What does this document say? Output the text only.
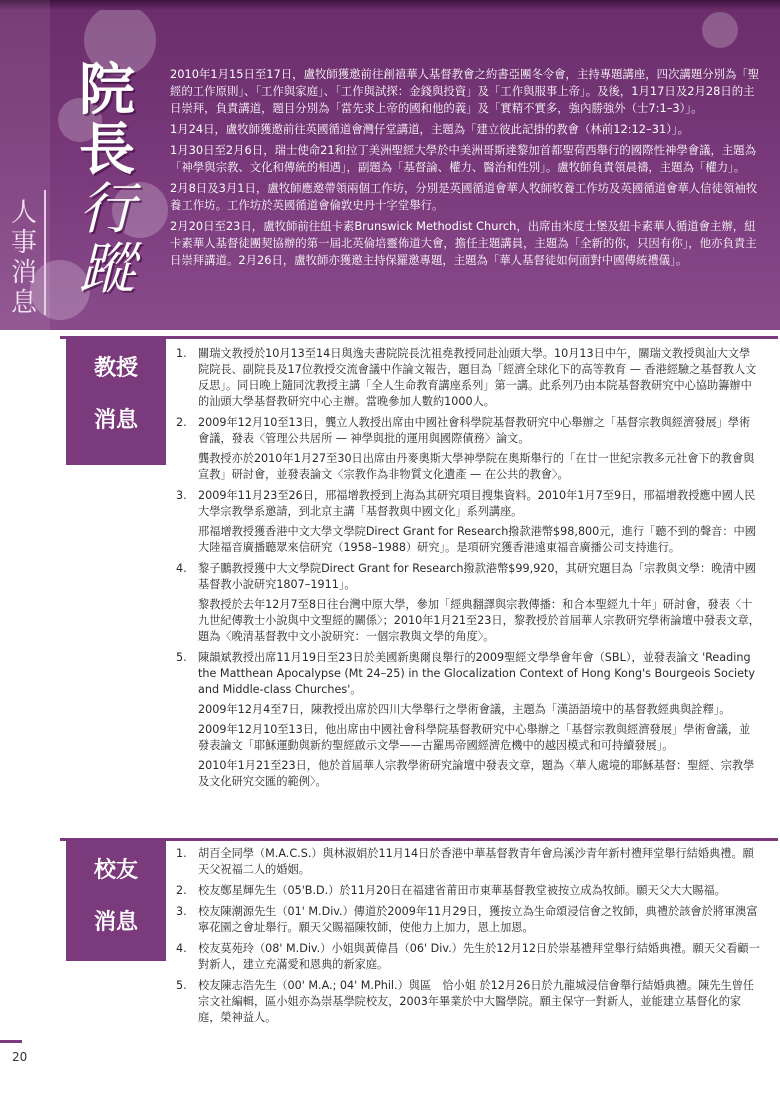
人
事
消
息
院
長
行
蹤

2010年1月15日至17日，盧牧師獲邀前往創禧華人基督教會之約書亞團冬令會，主持專題講座，四次講題分別為「聖經的工作原則」、「工作與家庭」、「工作與試探：金錢與投資」及「工作與服事上帝」。及後，1月17日及2月28日的主日崇拜，負責講道，題目分別為「當先求上帝的國和他的義」及「實精不實多，強內勝強外（士7:1–3）」。

1月24日，盧牧師獲邀前往英國循道會灣仔堂講道，主題為「建立彼此記掛的教會（林前12:12–31）」。

1月30日至2月6日，瑞士使命21和拉丁美洲聖經大學於中美洲哥斯達黎加首都聖荷西舉行的國際性神學會議，主題為「神學與宗教、文化和傳統的相遇」，副題為「基督論、權力、醫治和性別」。盧牧師負責領晨禱，主題為「權力」。

2月8日及3月1日，盧牧師應邀帶領兩個工作坊，分別是英國循道會華人牧師牧養工作坊及英國循道會華人信徒領袖牧養工作坊。工作坊於英國循道會倫敦史丹十字堂舉行。

2月20日至23日，盧牧師前往紐卡素Brunswick Methodist Church，出席由米度士堡及紐卡素華人循道會主辦，紐卡素華人基督徒團契協辦的第一屆北英倫培靈佈道大會，擔任主題講員，主題為「全新的你，只因有你」，他亦負責主日崇拜講道。2月26日，盧牧師亦獲邀主持保羅邀專題，主題為「華人基督徒如何面對中國傳統禮儀」。

教授
消息
1. 關瑞文教授於10月13至14日與逸夫書院院長沈祖堯教授同赴汕頭大學。10月13日中午，關瑞文教授與汕大文學院院長、副院長及17位教授交流會議中作論文報告，題目為「經濟全球化下的高等教育 — 香港經驗之基督教人文反思」。同日晚上隨同沈教授主講「全人生命教育講座系列」第一講。此系列乃由本院基督教研究中心協助籌辦中的汕頭大學基督教研究中心主辦。當晚參加人數約1000人。

2. 2009年12月10至13日，龔立人教授出席由中國社會科學院基督教研究中心舉辦之「基督宗教與經濟發展」學術會議，發表〈管理公共居所 — 神學與批的運用與國際債務〉論文。

龔教授亦於2010年1月27至30日出席由丹麥奧斯大學神學院在奧斯舉行的「在廿一世紀宗教多元社會下的教會與宣教」研討會，並發表論文〈宗教作為非物質文化遺產 — 在公共的教會〉。

3. 2009年11月23至26日，邢福增教授到上海為其研究項目搜集資料。2010年1月7至9日，邢福增教授應中國人民大學宗教學系邀請，到北京主講「基督教與中國文化」系列講座。

邢福增教授獲香港中文大學文學院Direct Grant for Research撥款港幣$98,800元，進行「聽不到的聲音：中國大陸福音廣播聽眾來信研究（1958–1988）研究」。是項研究獲香港遠東福音廣播公司支持進行。

4. 黎子鵬教授獲中大文學院Direct Grant for Research撥款港幣$99,920，其研究題目為「宗教與文學：晚清中國基督教小說研究1807–1911」。

黎教授於去年12月7至8日往台灣中原大學，參加「經典翻譯與宗教傳播：和合本聖經九十年」研討會，發表〈十九世紀傳教士小說與中文聖經的關係〉；2010年1月21至23日，黎教授於首屆華人宗教研究學術論壇中發表文章，題為〈晚清基督教中文小說研究：一個宗教與文學的角度〉。

5. 陳韻斌教授出席11月19日至23日於美國新奧爾良舉行的2009聖經文學學會年會（SBL），並發表論文 'Reading the Matthean Apocalypse (Mt 24–25) in the Glocalization Context of Hong Kong's Bourgeois Society and Middle-class Churches'。

2009年12月4至7日，陳教授出席於四川大學舉行之學術會議，主題為「漢語語境中的基督教經典與詮釋」。

2009年12月10至13日，他出席由中國社會科學院基督教研究中心舉辦之「基督宗教與經濟發展」學術會議，並發表論文「耶穌運動與新約聖經啟示文學——古羅馬帝國經濟危機中的越因模式和可持續發展」。

2010年1月21至23日，他於首屆華人宗教學術研究論壇中發表文章，題為〈華人處境的耶穌基督：聖經、宗教學及文化研究交匯的範例〉。

校友
消息
1. 胡百全同學（M.A.C.S.）與林淑娟於11月14日於香港中華基督教青年會烏溪沙青年新村禮拜堂舉行結婚典禮。願天父祝福二人的婚姻。

2. 校友鄭星輝先生（05'B.D.）於11月20日在福建省莆田市東華基督教堂被按立成為牧師。願天父大大賜福。

3. 校友陳潮源先生（01' M.Div.）傳道於2009年11月29日，獲按立為生命頌浸信會之牧師，典禮於該會於將軍澳富寧花園之會址舉行。願天父賜福陳牧師，使他力上加力，恩上加恩。

4. 校友莫苑玲（08' M.Div.）小姐與黃偉昌（06' Div.）先生於12月12日於崇基禮拜堂舉行結婚典禮。願天父看顧一對新人，建立充滿愛和恩典的新家庭。

5. 校友陳志浩先生（00' M.A.; 04' M.Phil.）與區　恰小姐 於12月26日於九龍城浸信會舉行結婚典禮。陳先生曾任宗文社編輯，區小姐亦為崇基學院校友，2003年畢業於中大醫學院。願主保守一對新人，並能建立基督化的家庭，榮神益人。

20
